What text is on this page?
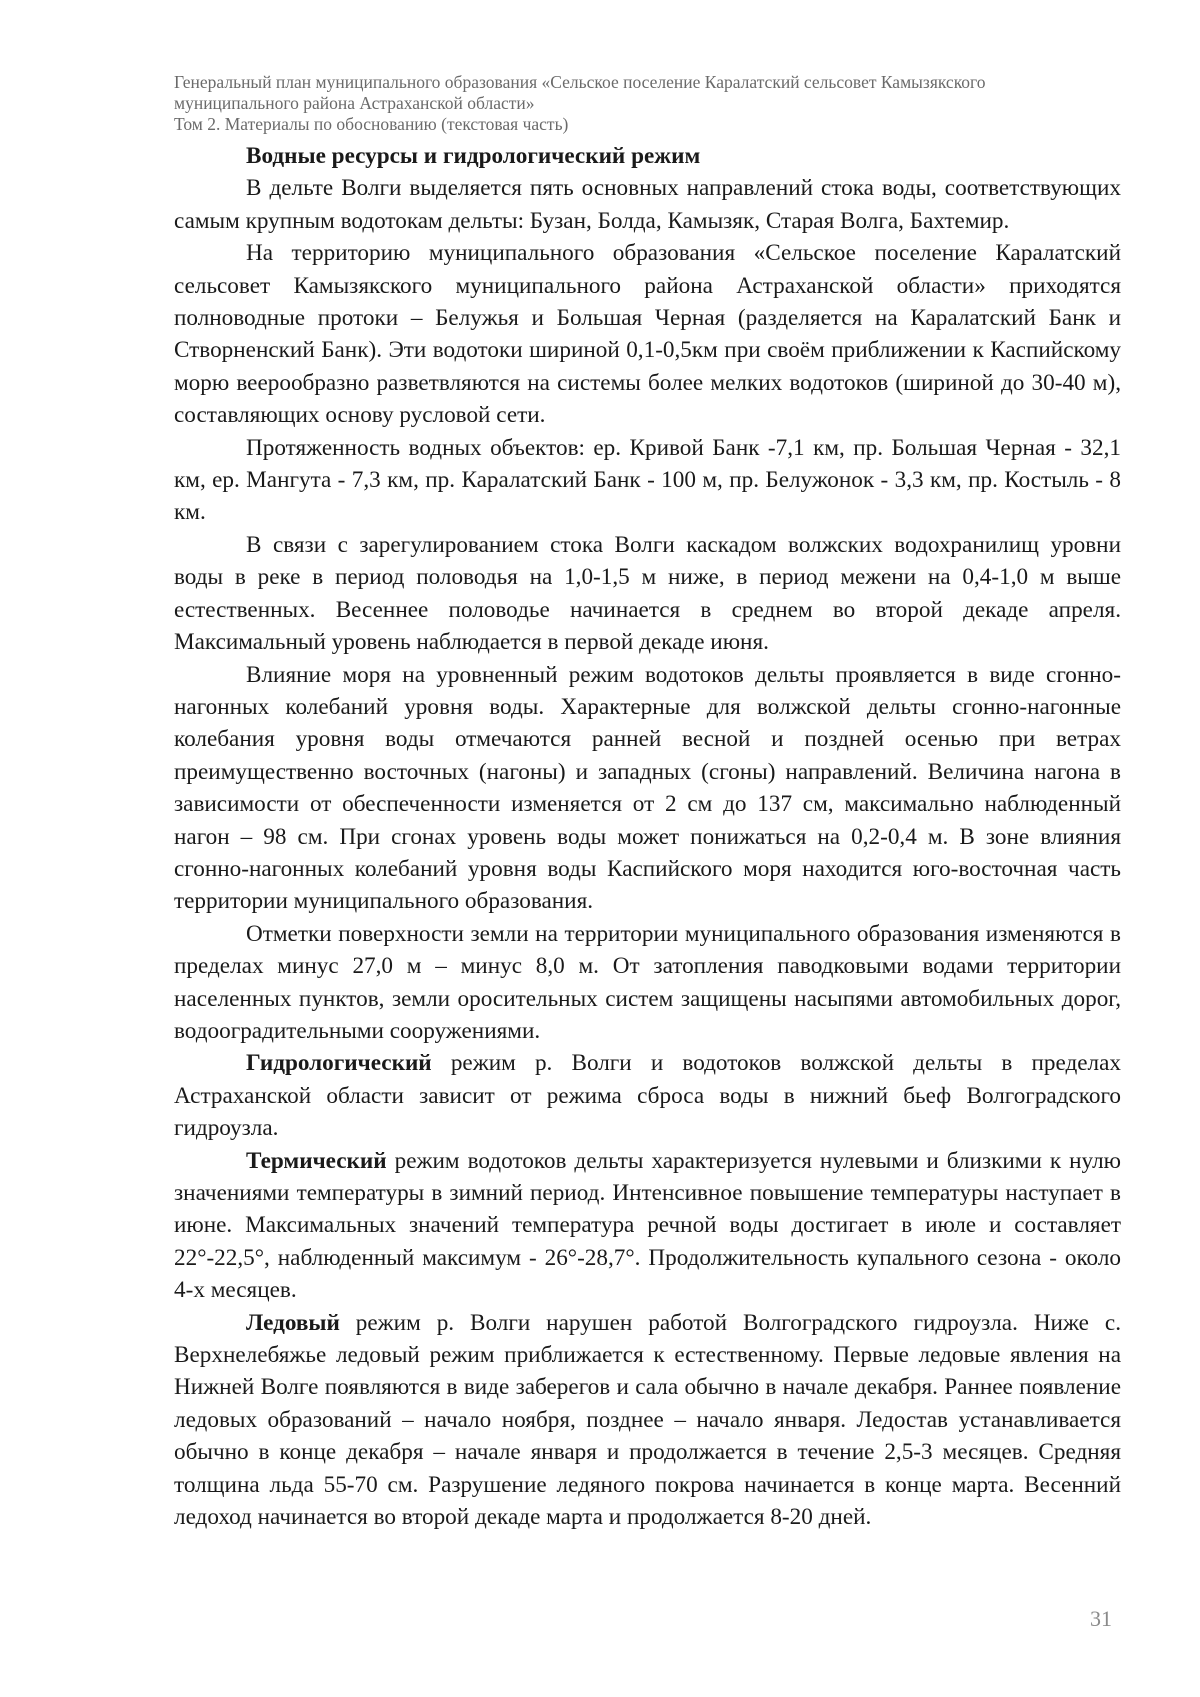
Генеральный план муниципального образования «Сельское поселение Каралатский сельсовет Камызякского
муниципального района Астраханской области»
Том 2. Материалы по обоснованию (текстовая часть)
Водные ресурсы и гидрологический режим

В дельте Волги выделяется пять основных направлений стока воды, соответствующих самым крупным водотокам дельты: Бузан, Болда, Камызяк, Старая Волга, Бахтемир.

На территорию муниципального образования «Сельское поселение Каралатский сельсовет Камызякского муниципального района Астраханской области» приходятся полноводные протоки – Белужья и Большая Черная (разделяется на Каралатский Банк и Створненский Банк). Эти водотоки шириной 0,1-0,5км при своём приближении к Каспийскому морю веерообразно разветвляются на системы более мелких водотоков (шириной до 30-40 м), составляющих основу русловой сети.

Протяженность водных объектов: ер. Кривой Банк -7,1 км, пр. Большая Черная - 32,1 км, ер. Мангута - 7,3 км, пр. Каралатский Банк - 100 м, пр. Белужонок - 3,3 км, пр. Костыль - 8 км.

В связи с зарегулированием стока Волги каскадом волжских водохранилищ уровни воды в реке в период половодья на 1,0-1,5 м ниже, в период межени на 0,4-1,0 м выше естественных. Весеннее половодье начинается в среднем во второй декаде апреля. Максимальный уровень наблюдается в первой декаде июня.

Влияние моря на уровненный режим водотоков дельты проявляется в виде сгонно-нагонных колебаний уровня воды. Характерные для волжской дельты сгонно-нагонные колебания уровня воды отмечаются ранней весной и поздней осенью при ветрах преимущественно восточных (нагоны) и западных (сгоны) направлений. Величина нагона в зависимости от обеспеченности изменяется от 2 см до 137 см, максимально наблюденный нагон – 98 см. При сгонах уровень воды может понижаться на 0,2-0,4 м. В зоне влияния сгонно-нагонных колебаний уровня воды Каспийского моря находится юго-восточная часть территории муниципального образования.

Отметки поверхности земли на территории муниципального образования изменяются в пределах минус 27,0 м – минус 8,0 м. От затопления паводковыми водами территории населенных пунктов, земли оросительных систем защищены насыпями автомобильных дорог, водооградительными сооружениями.

Гидрологический режим р. Волги и водотоков волжской дельты в пределах Астраханской области зависит от режима сброса воды в нижний бьеф Волгоградского гидроузла.

Термический режим водотоков дельты характеризуется нулевыми и близкими к нулю значениями температуры в зимний период. Интенсивное повышение температуры наступает в июне. Максимальных значений температура речной воды достигает в июле и составляет 22°-22,5°, наблюденный максимум - 26°-28,7°. Продолжительность купального сезона - около 4-х месяцев.

Ледовый режим р. Волги нарушен работой Волгоградского гидроузла. Ниже с. Верхнелебяжье ледовый режим приближается к естественному. Первые ледовые явления на Нижней Волге появляются в виде заберегов и сала обычно в начале декабря. Раннее появление ледовых образований – начало ноября, позднее – начало января. Ледостав устанавливается обычно в конце декабря – начале января и продолжается в течение 2,5-3 месяцев. Средняя толщина льда 55-70 см. Разрушение ледяного покрова начинается в конце марта. Весенний ледоход начинается во второй декаде марта и продолжается 8-20 дней.

31
